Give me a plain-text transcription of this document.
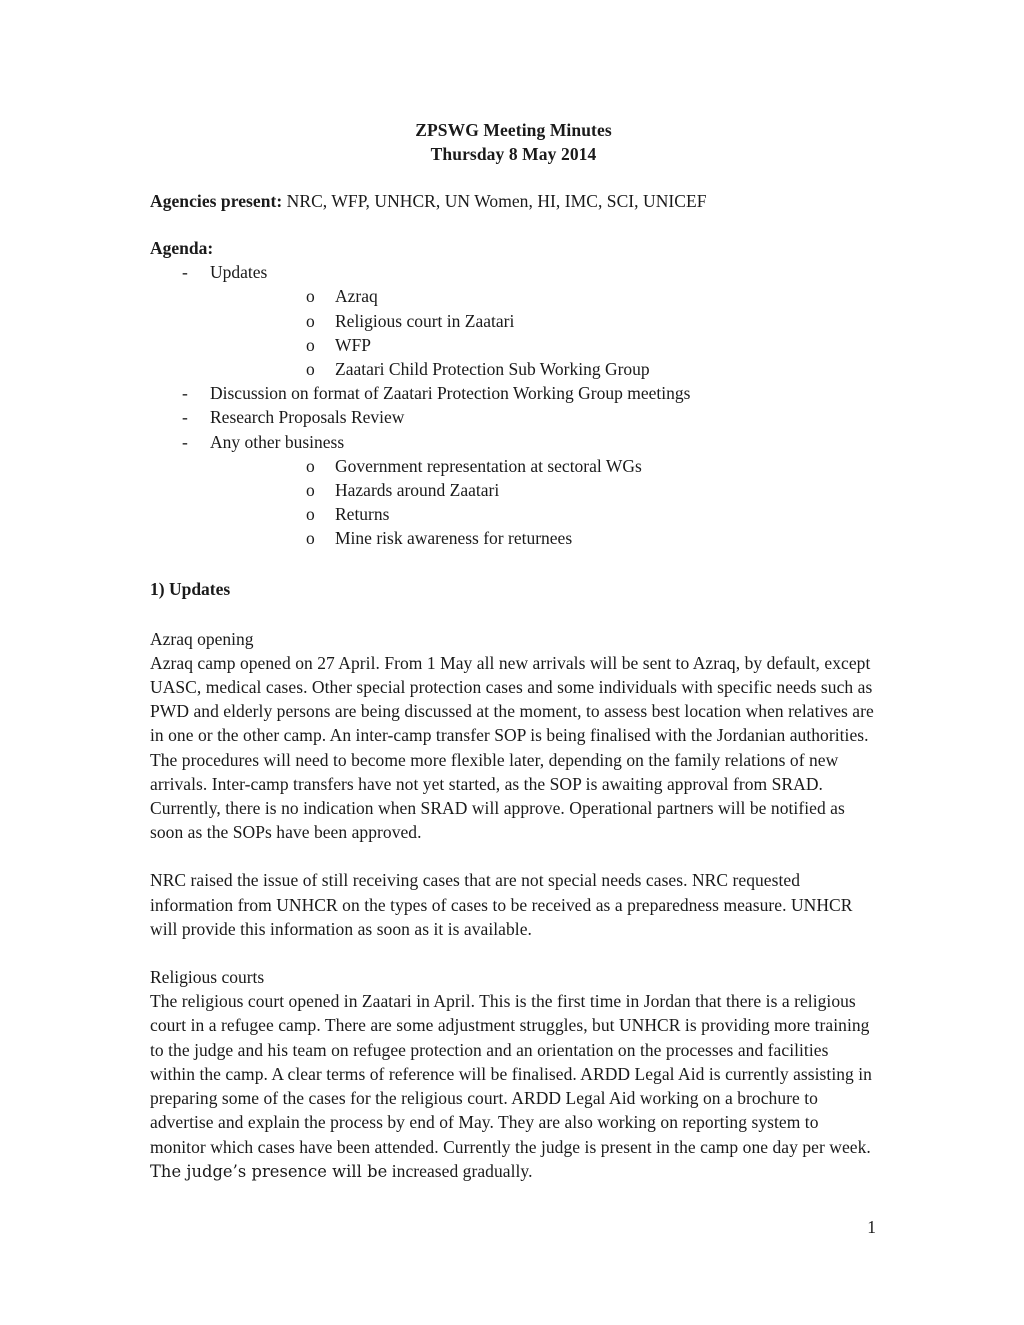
ZPSWG Meeting Minutes
Thursday 8 May 2014
Agencies present: NRC, WFP, UNHCR, UN Women, HI, IMC, SCI, UNICEF
Agenda:
- Updates
o Azraq
o Religious court in Zaatari
o WFP
o Zaatari Child Protection Sub Working Group
- Discussion on format of Zaatari Protection Working Group meetings
- Research Proposals Review
- Any other business
o Government representation at sectoral WGs
o Hazards around Zaatari
o Returns
o Mine risk awareness for returnees
1) Updates
Azraq opening
Azraq camp opened on 27 April. From 1 May all new arrivals will be sent to Azraq, by default, except UASC, medical cases. Other special protection cases and some individuals with specific needs such as PWD and elderly persons are being discussed at the moment, to assess best location when relatives are in one or the other camp. An inter-camp transfer SOP is being finalised with the Jordanian authorities. The procedures will need to become more flexible later, depending on the family relations of new arrivals. Inter-camp transfers have not yet started, as the SOP is awaiting approval from SRAD. Currently, there is no indication when SRAD will approve. Operational partners will be notified as soon as the SOPs have been approved.
NRC raised the issue of still receiving cases that are not special needs cases. NRC requested information from UNHCR on the types of cases to be received as a preparedness measure. UNHCR will provide this information as soon as it is available.
Religious courts
The religious court opened in Zaatari in April. This is the first time in Jordan that there is a religious court in a refugee camp. There are some adjustment struggles, but UNHCR is providing more training to the judge and his team on refugee protection and an orientation on the processes and facilities within the camp. A clear terms of reference will be finalised. ARDD Legal Aid is currently assisting in preparing some of the cases for the religious court. ARDD Legal Aid working on a brochure to advertise and explain the process by end of May. They are also working on reporting system to monitor which cases have been attended. Currently the judge is present in the camp one day per week. The judge’s presence will be increased gradually.
1
